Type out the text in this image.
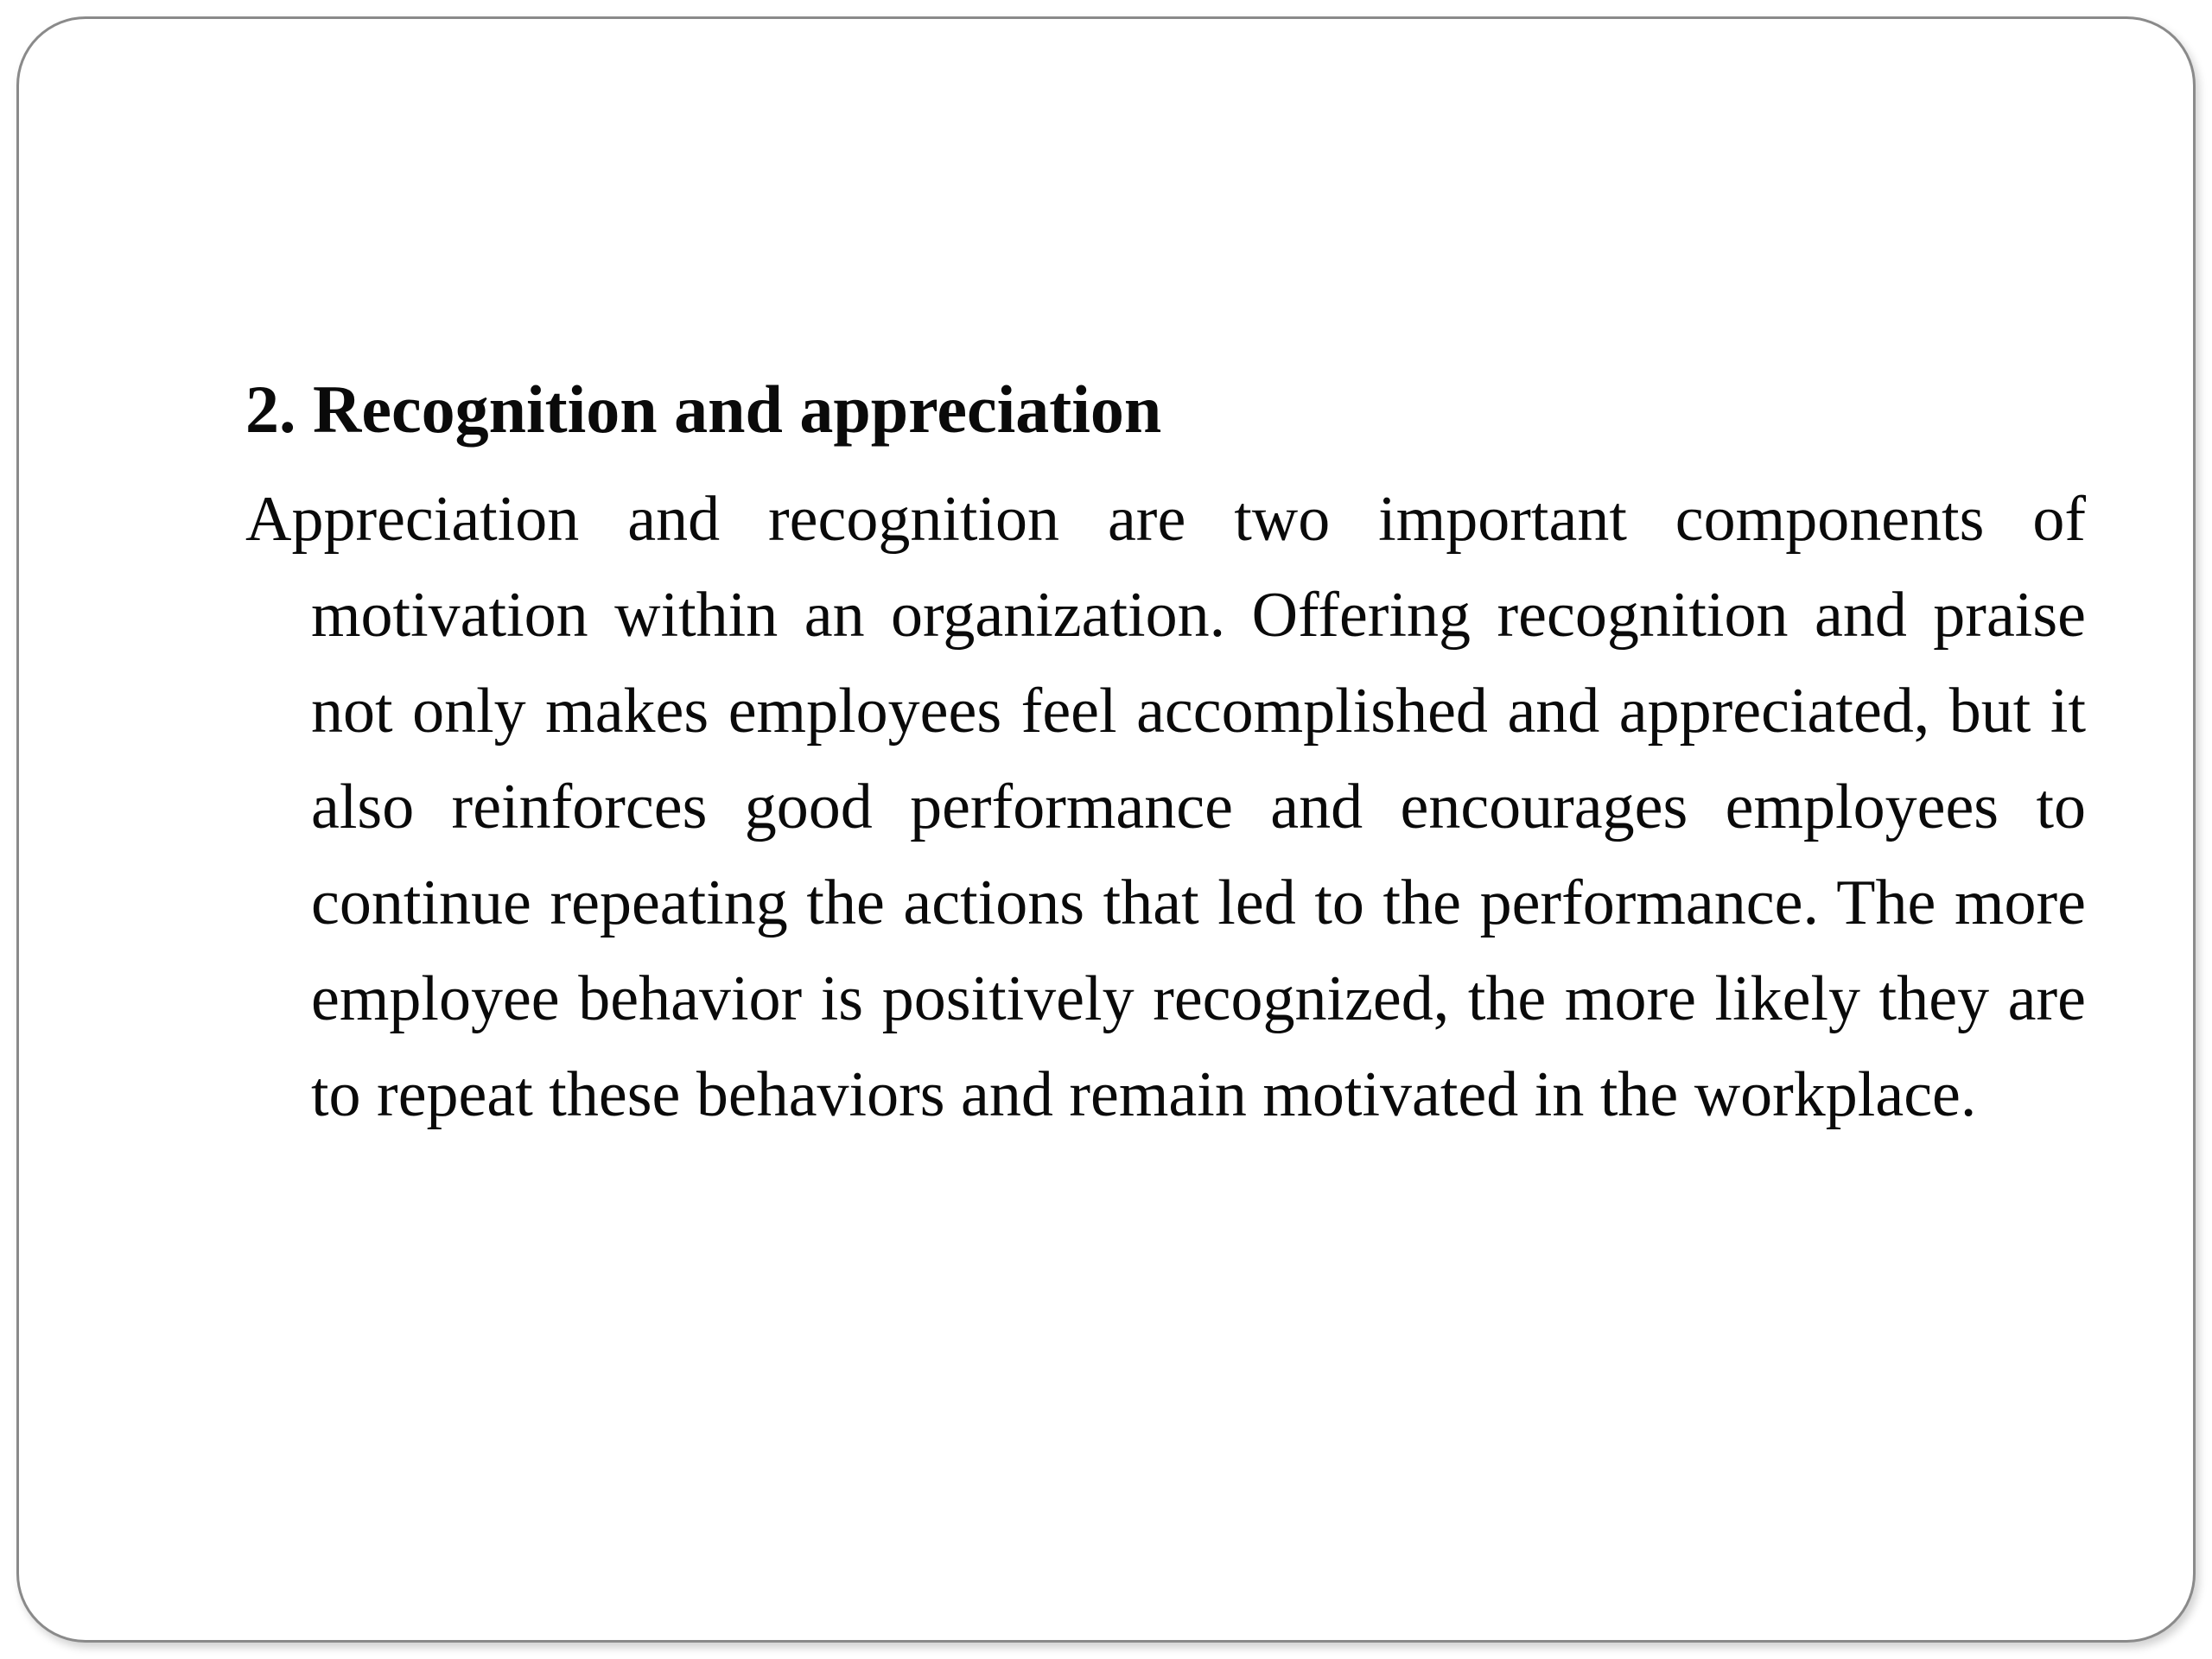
2. Recognition and appreciation

Appreciation and recognition are two important components of motivation within an organization. Offering recognition and praise not only makes employees feel accomplished and appreciated, but it also reinforces good performance and encourages employees to continue repeating the actions that led to the performance. The more employee behavior is positively recognized, the more likely they are to repeat these behaviors and remain motivated in the workplace.
